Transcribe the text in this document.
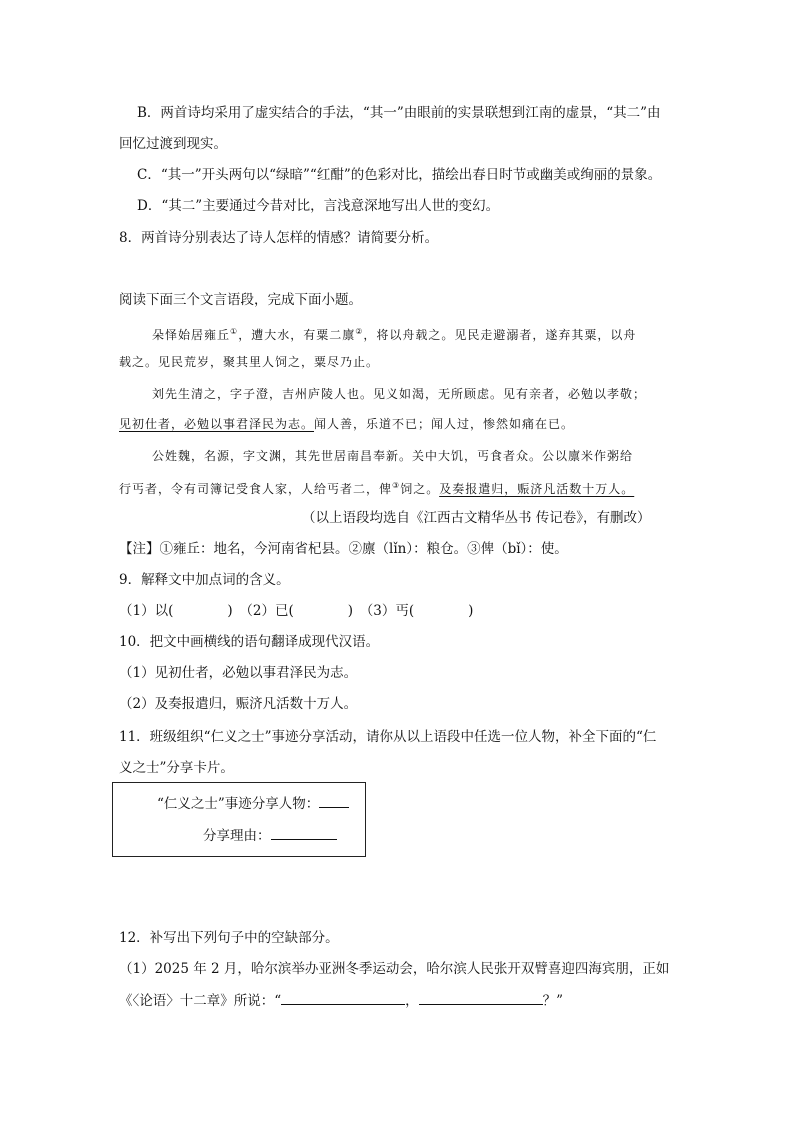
B．两首诗均采用了虚实结合的手法，“其一”由眼前的实景联想到江南的虚景，“其二”由
回忆过渡到现实。
C．“其一”开头两句以“绿暗”“红酣”的色彩对比，描绘出春日时节或幽美或绚丽的景象。
D．“其二”主要通过今昔对比，言浅意深地写出人世的变幻。
8．两首诗分别表达了诗人怎样的情感？请简要分析。
阅读下面三个文言语段，完成下面小题。
朵怿始居雍丘①，遭大水，有粟二廪②，将以舟载之。见民走避溺者，遂弃其粟，以舟
载之。见民荒岁，聚其里人饲之，粟尽乃止。
刘先生清之，字子澄，吉州庐陵人也。见义如渴，无所顾虑。见有亲者，必勉以孝敬；
见初仕者，必勉以事君泽民为志。闻人善，乐道不已；闻人过，惨然如痛在已。
公姓魏，名源，字文渊，其先世居南昌奉新。关中大饥，丐食者众。公以廪米作粥给
行丐者，令有司簿记受食人家，人给丐者二，俾③饲之。及奏报遣归，赈济凡活数十万人。
（以上语段均选自《江西古文精华丛书 传记卷》，有删改）
【注】①雍丘：地名，今河南省杞县。②廪（lǐn）：粮仓。③俾（bǐ）：使。
9．解释文中加点词的含义。
（1）以(　　　　)　（2）已(　　　　)　（3）丐(　　　　)
10．把文中画横线的语句翻译成现代汉语。
（1）见初仕者，必勉以事君泽民为志。
（2）及奏报遣归，赈济凡活数十万人。
11．班级组织“仁义之士”事迹分享活动，请你从以上语段中任选一位人物，补全下面的“仁
义之士”分享卡片。
“仁义之士”事迹分享人物：
分享理由：
12．补写出下列句子中的空缺部分。
（1）2025 年 2 月，哈尔滨举办亚洲冬季运动会，哈尔滨人民张开双臂喜迎四海宾朋，正如
《〈论语〉十二章》所说：“	，	？”
